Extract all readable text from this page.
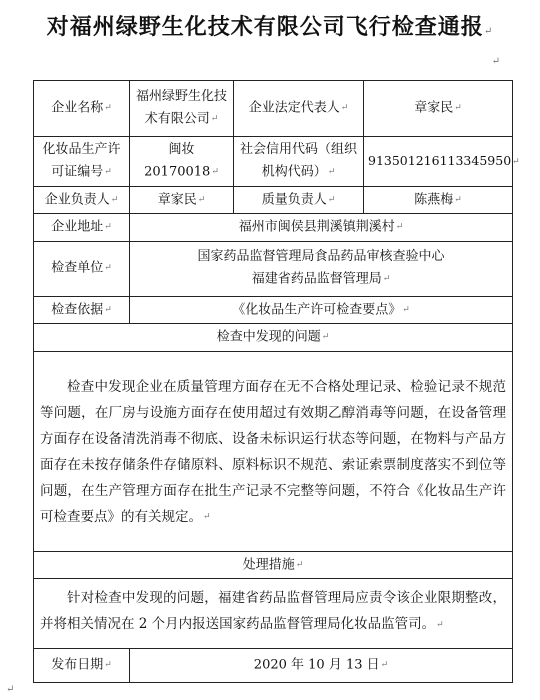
对福州绿野生化技术有限公司飞行检查通报↵
↵
企业名称↵	福州绿野生化技术有限公司↵	企业法定代表人↵	章家民↵
化妆品生产许可证编号↵	闽妆 20170018↵	社会信用代码（组织机构代码）↵	913501216113345950↵
企业负责人↵	章家民↵	质量负责人↵	陈燕梅↵
企业地址↵	福州市闽侯县荆溪镇荆溪村↵		
检查单位↵	国家药品监督管理局食品药品审核查验中心
福建省药品监督管理局↵		

检查依据↵	《化妆品生产许可检查要点》↵		
检查中发现的问题↵			

检查中发现企业在质量管理方面存在无不合格处理记录、检验记录不规范等问题，在厂房与设施方面存在使用超过有效期乙醇消毒等问题，在设备管理方面存在设备清洗消毒不彻底、设备未标识运行状态等问题，在物料与产品方面存在未按存储条件存储原料、原料标识不规范、索证索票制度落实不到位等问题，在生产管理方面存在批生产记录不完整等问题，不符合《化妆品生产许可检查要点》的有关规定。↵			

处理措施↵			

针对检查中发现的问题，福建省药品监督管理局应责令该企业限期整改，并将相关情况在 2 个月内报送国家药品监督管理局化妆品监管司。↵			

发布日期↵	2020 年 10 月 13 日↵		
↵
